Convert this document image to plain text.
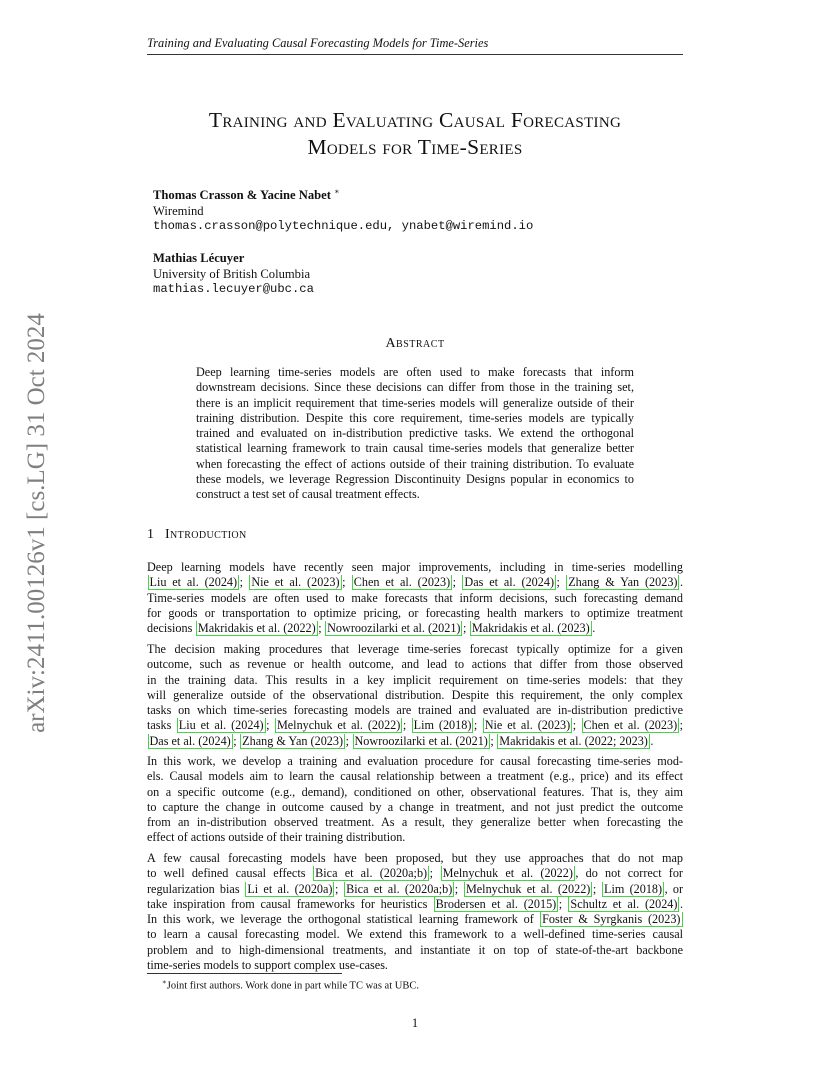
arXiv:2411.00126v1 [cs.LG] 31 Oct 2024
Training and Evaluating Causal Forecasting Models for Time-Series
Training and Evaluating Causal Forecasting
Models for Time-Series
Thomas Crasson & Yacine Nabet ∗
Wiremind
thomas.crasson@polytechnique.edu, ynabet@wiremind.io
Mathias Lécuyer
University of British Columbia
mathias.lecuyer@ubc.ca
Abstract

Deep learning time-series models are often used to make forecasts that inform downstream decisions. Since these decisions can differ from those in the training set, there is an implicit requirement that time-series models will generalize outside of their training distribution. Despite this core requirement, time-series models are typically trained and evaluated on in-distribution predictive tasks. We extend the orthogonal statistical learning framework to train causal time-series models that generalize better when forecasting the effect of actions outside of their training distribution. To evaluate these models, we leverage Regression Discontinuity Designs popular in economics to construct a test set of causal treatment effects.

1 Introduction

Deep learning models have recently seen major improvements, including in time-series modelling
Liu et al. (2024) ; Nie et al. (2023) ; Chen et al. (2023) ; Das et al. (2024) ; Zhang & Yan (2023) .
Time-series models are often used to make forecasts that inform decisions, such forecasting demand
for goods or transportation to optimize pricing, or forecasting health markers to optimize treatment
decisions Makridakis et al. (2022) ; Nowroozilarki et al. (2021) ; Makridakis et al. (2023) .

The decision making procedures that leverage time-series forecast typically optimize for a given
outcome, such as revenue or health outcome, and lead to actions that differ from those observed
in the training data. This results in a key implicit requirement on time-series models: that they
will generalize outside of the observational distribution. Despite this requirement, the only complex
tasks on which time-series forecasting models are trained and evaluated are in-distribution predictive
tasks Liu et al. (2024) ; Melnychuk et al. (2022) ; Lim (2018) ; Nie et al. (2023) ; Chen et al. (2023) ;
Das et al. (2024) ; Zhang & Yan (2023) ; Nowroozilarki et al. (2021) ; Makridakis et al. (2022; 2023) .

In this work, we develop a training and evaluation procedure for causal forecasting time-series mod-
els. Causal models aim to learn the causal relationship between a treatment (e.g., price) and its effect
on a specific outcome (e.g., demand), conditioned on other, observational features. That is, they aim
to capture the change in outcome caused by a change in treatment, and not just predict the outcome
from an in-distribution observed treatment. As a result, they generalize better when forecasting the
effect of actions outside of their training distribution.

A few causal forecasting models have been proposed, but they use approaches that do not map
to well defined causal effects Bica et al. (2020a;b) ; Melnychuk et al. (2022) , do not correct for
regularization bias Li et al. (2020a) ; Bica et al. (2020a;b) ; Melnychuk et al. (2022) ; Lim (2018) , or
take inspiration from causal frameworks for heuristics Brodersen et al. (2015) ; Schultz et al. (2024) .
In this work, we leverage the orthogonal statistical learning framework of Foster & Syrgkanis (2023)
to learn a causal forecasting model. We extend this framework to a well-defined time-series causal
problem and to high-dimensional treatments, and instantiate it on top of state-of-the-art backbone
time-series models to support complex use-cases.

∗Joint first authors. Work done in part while TC was at UBC.
1
